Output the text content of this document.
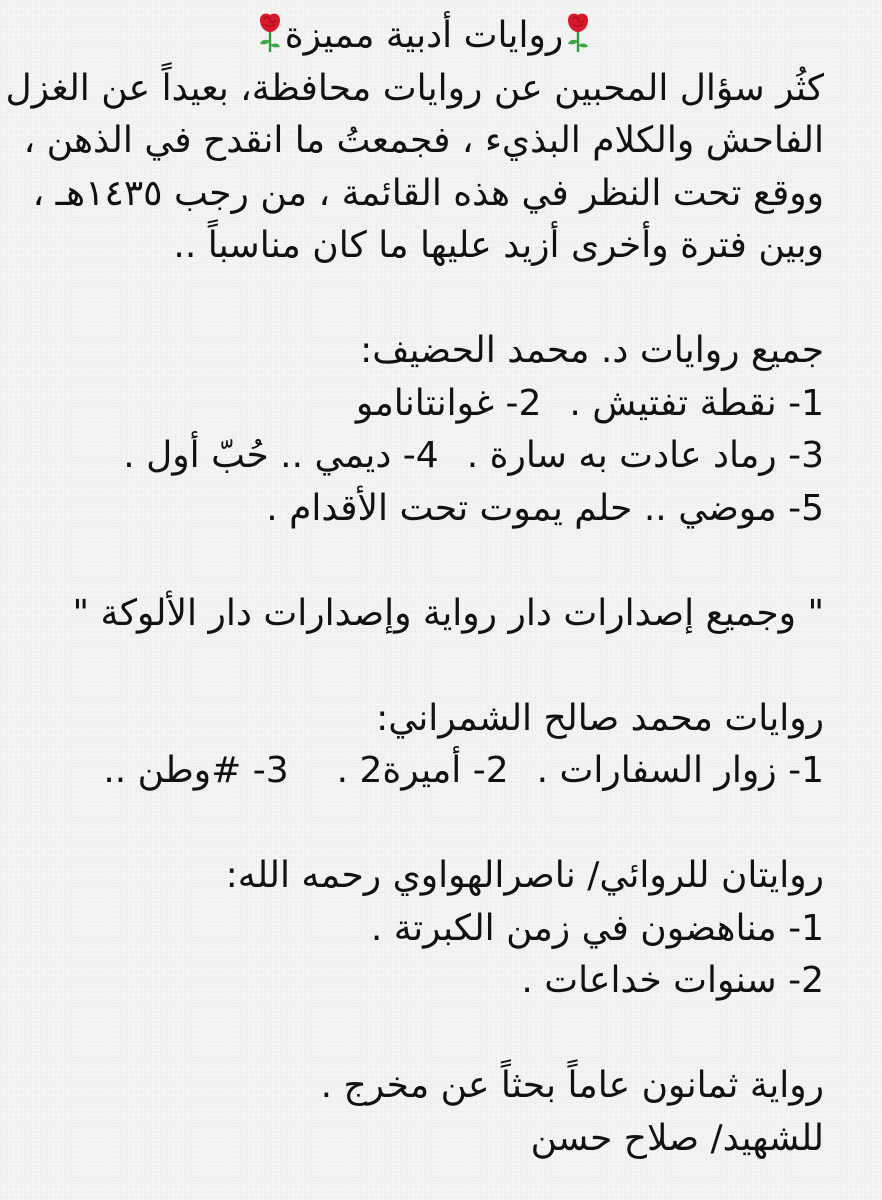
روايات أدبية مميزة
كثُر سؤال المحبين عن روايات محافظة، بعيداً عن الغزل
الفاحش والكلام البذيء ، فجمعتُ ما انقدح في الذهن ،
ووقع تحت النظر في هذه القائمة ، من رجب ١٤٣٥هـ ،
وبين فترة وأخرى أزيد عليها ما كان مناسباً ..
جميع روايات د. محمد الحضيف:
1- نقطة تفتيش .2- غوانتانامو
3- رماد عادت به سارة .4- ديمي .. حُبّ أول .
5- موضي .. حلم يموت تحت الأقدام .
" وجميع إصدارات دار رواية وإصدارات دار الألوكة "
روايات محمد صالح الشمراني:
1- زوار السفارات .2- أميرة2 .3- #وطن ..
روايتان للروائي/ ناصرالهواوي رحمه الله:
1- مناهضون في زمن الكبرتة .
2- سنوات خداعات .
رواية ثمانون عاماً بحثاً عن مخرج .
للشهيد/ صلاح حسن
